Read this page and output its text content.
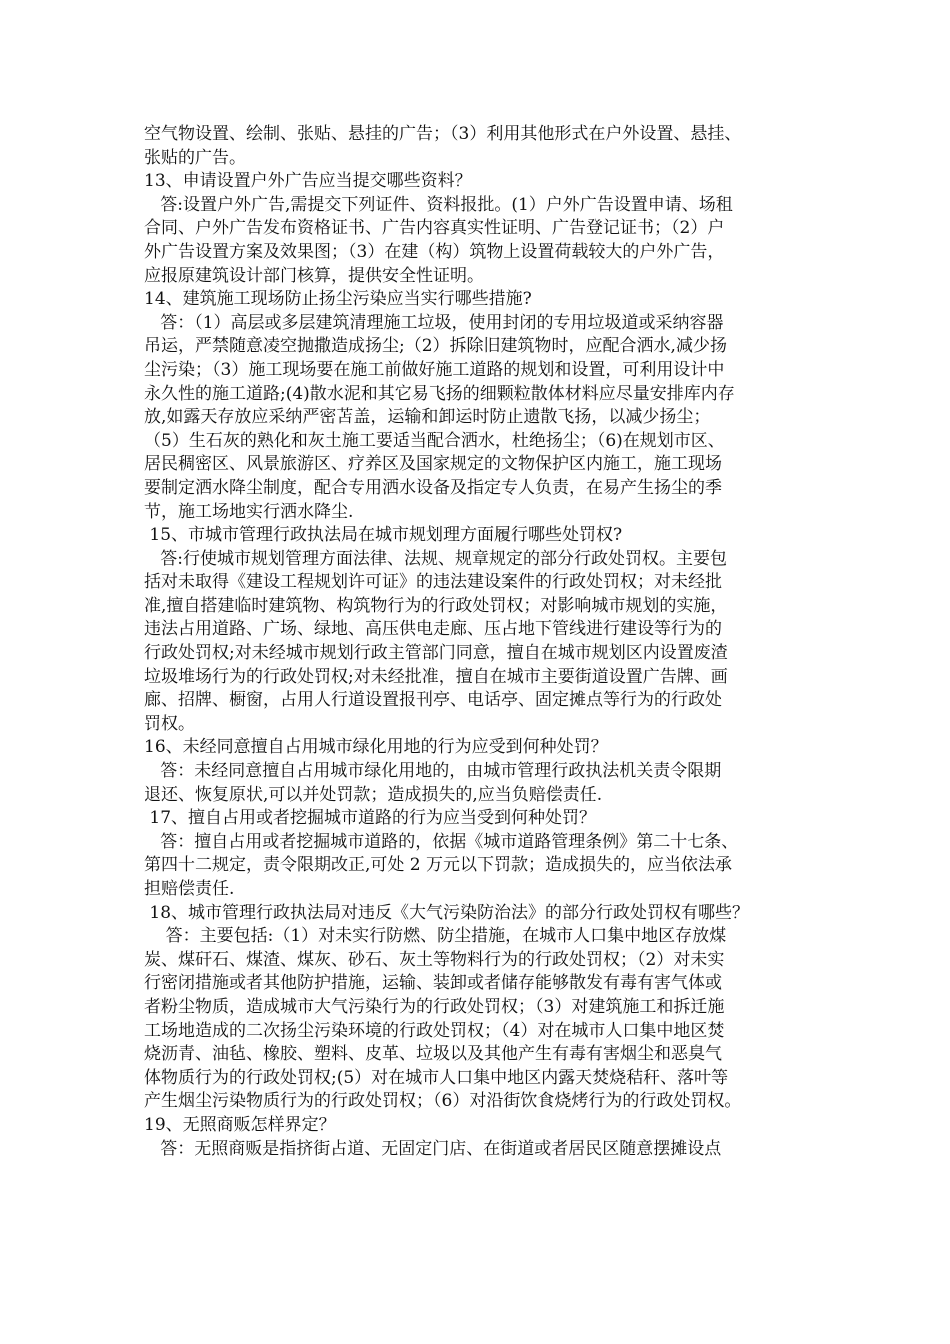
空气物设置、绘制、张贴、悬挂的广告；（3）利用其他形式在户外设置、悬挂、
张贴的广告。
13、申请设置户外广告应当提交哪些资料？
答:设置户外广告,需提交下列证件、资料报批。(1）户外广告设置申请、场租
合同、户外广告发布资格证书、广告内容真实性证明、广告登记证书；（2）户
外广告设置方案及效果图；（3）在建（构）筑物上设置荷载较大的户外广告，
应报原建筑设计部门核算，提供安全性证明。
14、建筑施工现场防止扬尘污染应当实行哪些措施?
答：（1）高层或多层建筑清理施工垃圾，使用封闭的专用垃圾道或采纳容器
吊运，严禁随意凌空抛撒造成扬尘;（2）拆除旧建筑物时，应配合洒水,减少扬
尘污染；（3）施工现场要在施工前做好施工道路的规划和设置，可利用设计中
永久性的施工道路;(4)散水泥和其它易飞扬的细颗粒散体材料应尽量安排库内存
放,如露天存放应采纳严密苫盖，运输和卸运时防止遗散飞扬，以减少扬尘；
（5）生石灰的熟化和灰土施工要适当配合洒水，杜绝扬尘；（6)在规划市区、
居民稠密区、风景旅游区、疗养区及国家规定的文物保护区内施工，施工现场
要制定洒水降尘制度，配合专用洒水设备及指定专人负责，在易产生扬尘的季
节，施工场地实行洒水降尘.
15、市城市管理行政执法局在城市规划理方面履行哪些处罚权?
答:行使城市规划管理方面法律、法规、规章规定的部分行政处罚权。主要包
括对未取得《建设工程规划许可证》的违法建设案件的行政处罚权；对未经批
准,擅自搭建临时建筑物、构筑物行为的行政处罚权；对影响城市规划的实施，
违法占用道路、广场、绿地、高压供电走廊、压占地下管线进行建设等行为的
行政处罚权;对未经城市规划行政主管部门同意，擅自在城市规划区内设置废渣
垃圾堆场行为的行政处罚权;对未经批准，擅自在城市主要街道设置广告牌、画
廊、招牌、橱窗，占用人行道设置报刊亭、电话亭、固定摊点等行为的行政处
罚权。
16、未经同意擅自占用城市绿化用地的行为应受到何种处罚？
答：未经同意擅自占用城市绿化用地的，由城市管理行政执法机关责令限期
退还、恢复原状,可以并处罚款；造成损失的,应当负赔偿责任.
17、擅自占用或者挖掘城市道路的行为应当受到何种处罚？
答：擅自占用或者挖掘城市道路的，依据《城市道路管理条例》第二十七条、
第四十二规定，责令限期改正,可处 2 万元以下罚款；造成损失的，应当依法承
担赔偿责任.
18、城市管理行政执法局对违反《大气污染防治法》的部分行政处罚权有哪些？
答：主要包括:（1）对未实行防燃、防尘措施，在城市人口集中地区存放煤
炭、煤矸石、煤渣、煤灰、砂石、灰土等物料行为的行政处罚权；（2）对未实
行密闭措施或者其他防护措施，运输、装卸或者储存能够散发有毒有害气体或
者粉尘物质，造成城市大气污染行为的行政处罚权；（3）对建筑施工和拆迁施
工场地造成的二次扬尘污染环境的行政处罚权；（4）对在城市人口集中地区焚
烧沥青、油毡、橡胶、塑料、皮革、垃圾以及其他产生有毒有害烟尘和恶臭气
体物质行为的行政处罚权;(5）对在城市人口集中地区内露天焚烧秸秆、落叶等
产生烟尘污染物质行为的行政处罚权；（6）对沿街饮食烧烤行为的行政处罚权。
19、无照商贩怎样界定？
答：无照商贩是指挤街占道、无固定门店、在街道或者居民区随意摆摊设点
